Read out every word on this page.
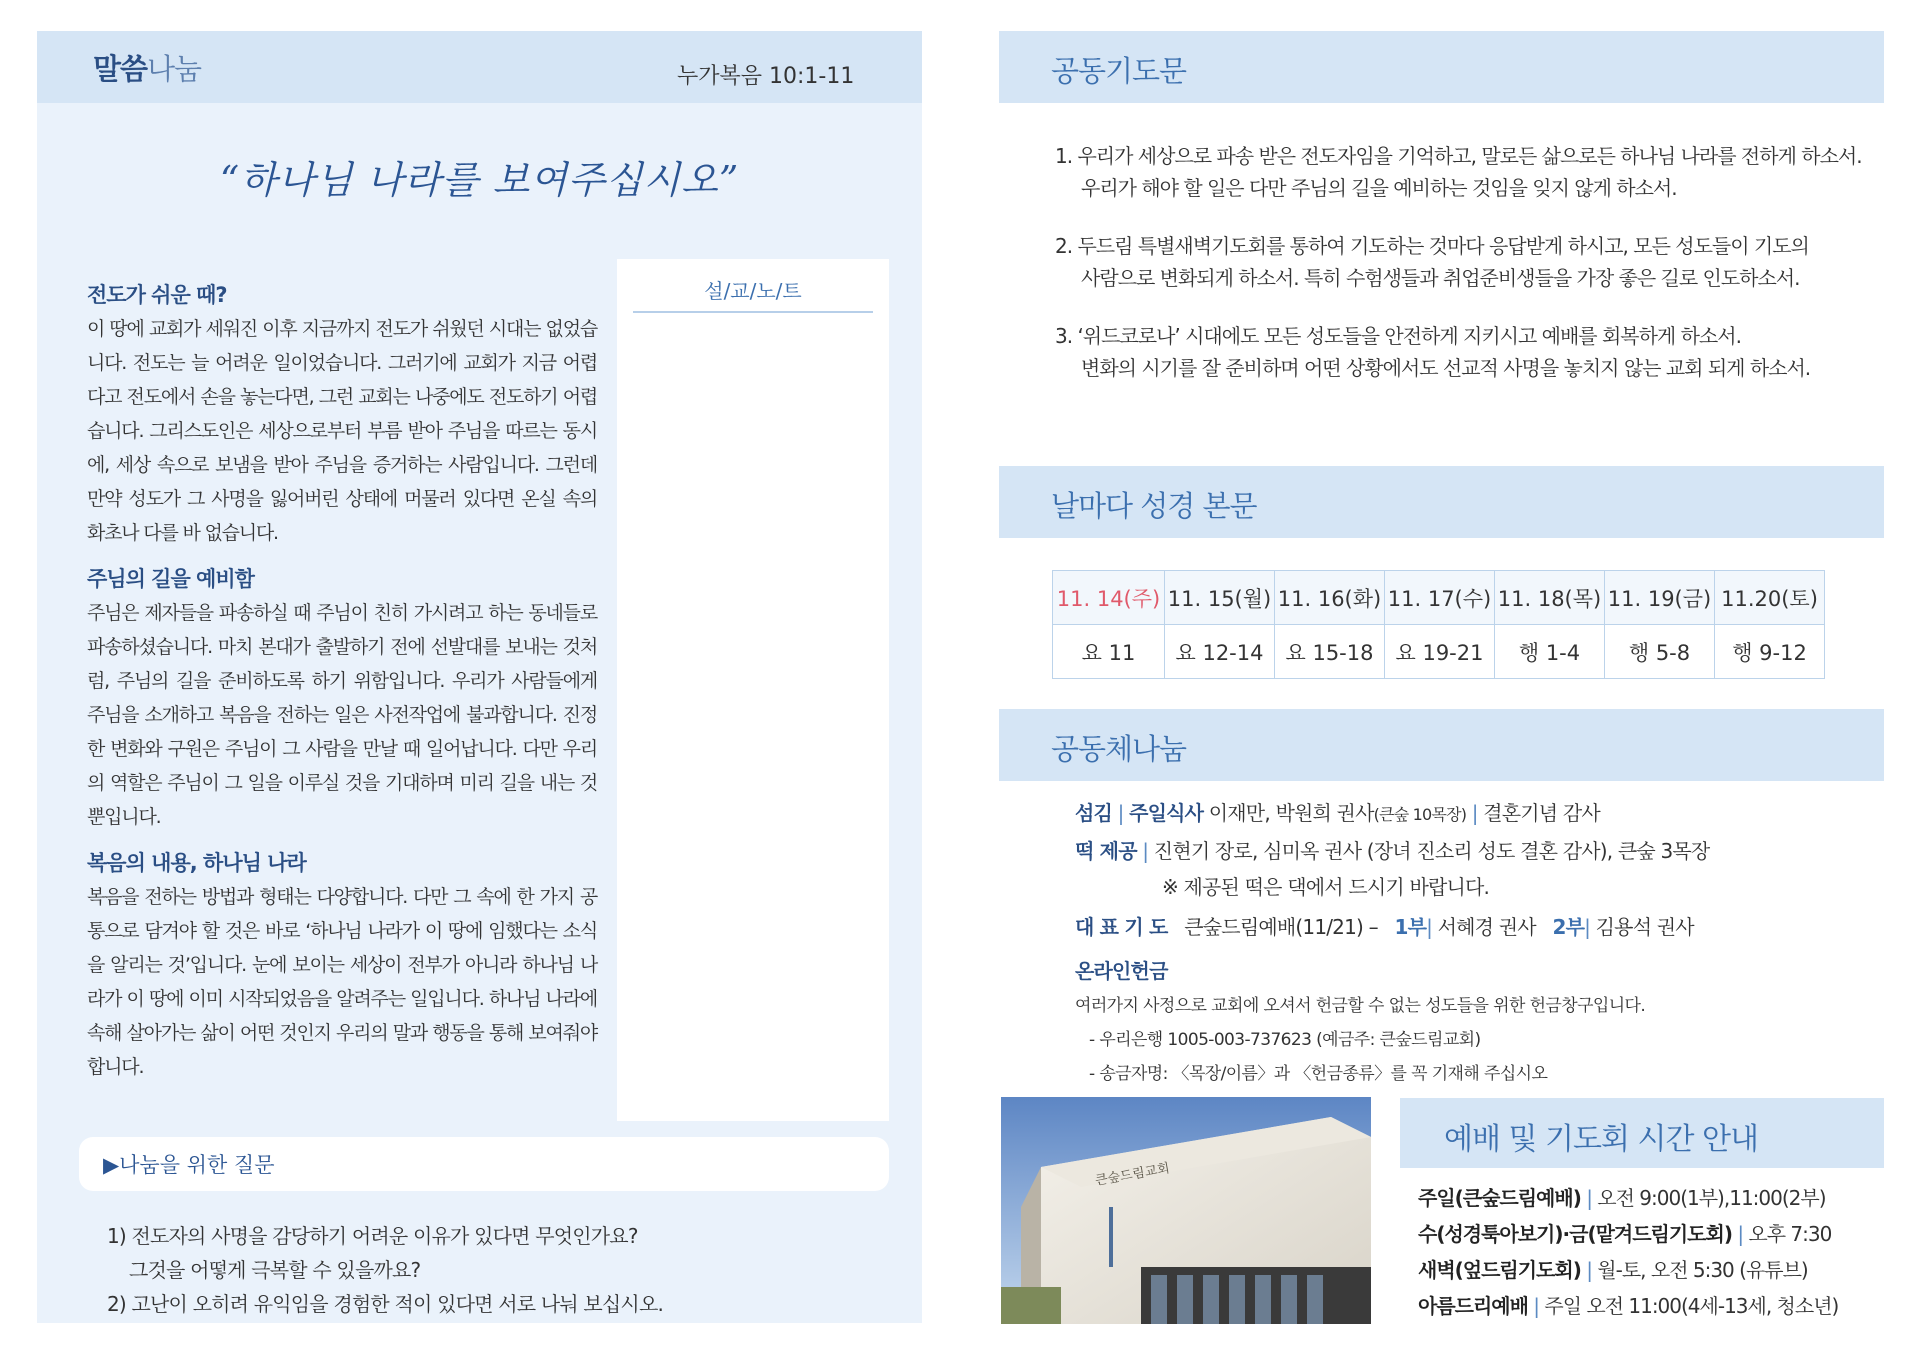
말씀나눔	누가복음 10:1-11
“하나님 나라를 보여주십시오”
전도가 쉬운 때?

이 땅에 교회가 세워진 이후 지금까지 전도가 쉬웠던 시대는 없었습니다. 전도는 늘 어려운 일이었습니다. 그러기에 교회가 지금 어렵다고 전도에서 손을 놓는다면, 그런 교회는 나중에도 전도하기 어렵습니다. 그리스도인은 세상으로부터 부름 받아 주님을 따르는 동시에, 세상 속으로 보냄을 받아 주님을 증거하는 사람입니다. 그런데 만약 성도가 그 사명을 잃어버린 상태에 머물러 있다면 온실 속의 화초나 다를 바 없습니다.

주님의 길을 예비함

주님은 제자들을 파송하실 때 주님이 친히 가시려고 하는 동네들로 파송하셨습니다. 마치 본대가 출발하기 전에 선발대를 보내는 것처럼, 주님의 길을 준비하도록 하기 위함입니다. 우리가 사람들에게 주님을 소개하고 복음을 전하는 일은 사전작업에 불과합니다. 진정한 변화와 구원은 주님이 그 사람을 만날 때 일어납니다. 다만 우리의 역할은 주님이 그 일을 이루실 것을 기대하며 미리 길을 내는 것뿐입니다.

복음의 내용, 하나님 나라

복음을 전하는 방법과 형태는 다양합니다. 다만 그 속에 한 가지 공통으로 담겨야 할 것은 바로 ‘하나님 나라가 이 땅에 임했다는 소식을 알리는 것’입니다. 눈에 보이는 세상이 전부가 아니라 하나님 나라가 이 땅에 이미 시작되었음을 알려주는 일입니다. 하나님 나라에 속해 살아가는 삶이 어떤 것인지 우리의 말과 행동을 통해 보여줘야 합니다.

설/교/노/트
▶나눔을 위한 질문
1) 전도자의 사명을 감당하기 어려운 이유가 있다면 무엇인가요?
그것을 어떻게 극복할 수 있을까요?
2) 고난이 오히려 유익임을 경험한 적이 있다면 서로 나눠 보십시오.
공동기도문
1. 우리가 세상으로 파송 받은 전도자임을 기억하고, 말로든 삶으로든 하나님 나라를 전하게 하소서.
우리가 해야 할 일은 다만 주님의 길을 예비하는 것임을 잊지 않게 하소서.
2. 두드림 특별새벽기도회를 통하여 기도하는 것마다 응답받게 하시고, 모든 성도들이 기도의
사람으로 변화되게 하소서. 특히 수험생들과 취업준비생들을 가장 좋은 길로 인도하소서.
3. ‘위드코로나’ 시대에도 모든 성도들을 안전하게 지키시고 예배를 회복하게 하소서.
변화의 시기를 잘 준비하며 어떤 상황에서도 선교적 사명을 놓치지 않는 교회 되게 하소서.
날마다 성경 본문
11. 14(주)	11. 15(월)	11. 16(화)	11. 17(수)	11. 18(목)	11. 19(금)	11.20(토)
요 11	요 12-14	요 15-18	요 19-21	행 1-4	행 5-8	행 9-12
공동체나눔
섬김 | 주일식사 이재만, 박원희 권사(큰숲 10목장) | 결혼기념 감사
떡 제공 | 진현기 장로, 심미옥 권사 (장녀 진소리 성도 결혼 감사), 큰숲 3목장
※ 제공된 떡은 댁에서 드시기 바랍니다.
대 표 기 도 큰숲드림예배(11/21) – 1부| 서혜경 권사 2부| 김용석 권사
온라인헌금
여러가지 사정으로 교회에 오셔서 헌금할 수 없는 성도들을 위한 헌금창구입니다.
- 우리은행 1005-003-737623 (예금주: 큰숲드림교회)
- 송금자명: 〈목장/이름〉과 〈헌금종류〉를 꼭 기재해 주십시오
큰숲드림교회
예배 및 기도회 시간 안내
주일(큰숲드림예배) | 오전 9:00(1부),11:00(2부)
수(성경툭아보기)·금(맡겨드림기도회) | 오후 7:30
새벽(엎드림기도회) | 월-토, 오전 5:30 (유튜브)
아름드리예배 | 주일 오전 11:00(4세-13세, 청소년)
